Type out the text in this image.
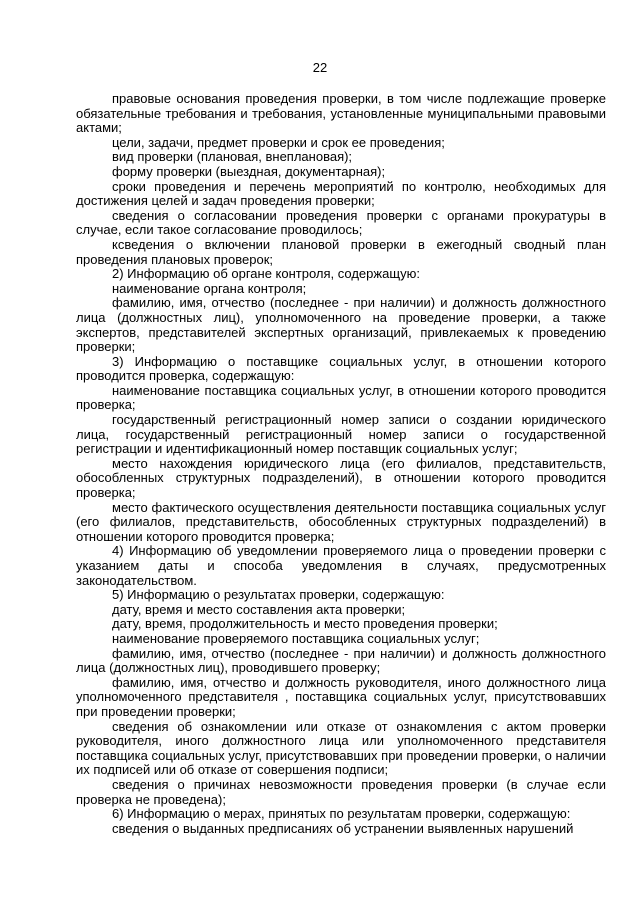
22

правовые основания проведения проверки, в том числе подлежащие проверке обязательные требования и требования, установленные муниципальными правовыми актами;

цели, задачи, предмет проверки и срок ее проведения;

вид проверки (плановая, внеплановая);

форму проверки (выездная, документарная);

сроки проведения и перечень мероприятий по контролю, необходимых для достижения целей и задач проведения проверки;

сведения о согласовании проведения проверки с органами прокуратуры в случае, если такое согласование проводилось;

ксведения о включении плановой проверки в ежегодный сводный план проведения плановых проверок;

2) Информацию об органе контроля, содержащую:

наименование органа контроля;

фамилию, имя, отчество (последнее - при наличии) и должность должностного лица (должностных лиц), уполномоченного на проведение проверки, а также экспертов, представителей экспертных организаций, привлекаемых к проведению проверки;

3) Информацию о поставщике социальных услуг, в отношении которого проводится проверка, содержащую:

наименование поставщика социальных услуг, в отношении которого проводится проверка;

государственный регистрационный номер записи о создании юридического лица, государственный регистрационный номер записи о государственной регистрации и идентификационный номер поставщик социальных услуг;

место нахождения юридического лица (его филиалов, представительств, обособленных структурных подразделений), в отношении которого проводится проверка;

место фактического осуществления деятельности поставщика социальных услуг (его филиалов, представительств, обособленных структурных подразделений) в отношении которого проводится проверка;

4) Информацию об уведомлении проверяемого лица о проведении проверки с указанием даты и способа уведомления в случаях, предусмотренных законодательством.

5) Информацию о результатах проверки, содержащую:

дату, время и место составления акта проверки;

дату, время, продолжительность и место проведения проверки;

наименование проверяемого поставщика социальных услуг;

фамилию, имя, отчество (последнее - при наличии) и должность должностного лица (должностных лиц), проводившего проверку;

фамилию, имя, отчество и должность руководителя, иного должностного лица уполномоченного представителя , поставщика социальных услуг, присутствовавших при проведении проверки;

сведения об ознакомлении или отказе от ознакомления с актом проверки руководителя, иного должностного лица или уполномоченного представителя поставщика социальных услуг, присутствовавших при проведении проверки, о наличии их подписей или об отказе от совершения подписи;

сведения о причинах невозможности проведения проверки (в случае если проверка не проведена);

6) Информацию о мерах, принятых по результатам проверки, содержащую:

сведения о выданных предписаниях об устранении выявленных нарушений
